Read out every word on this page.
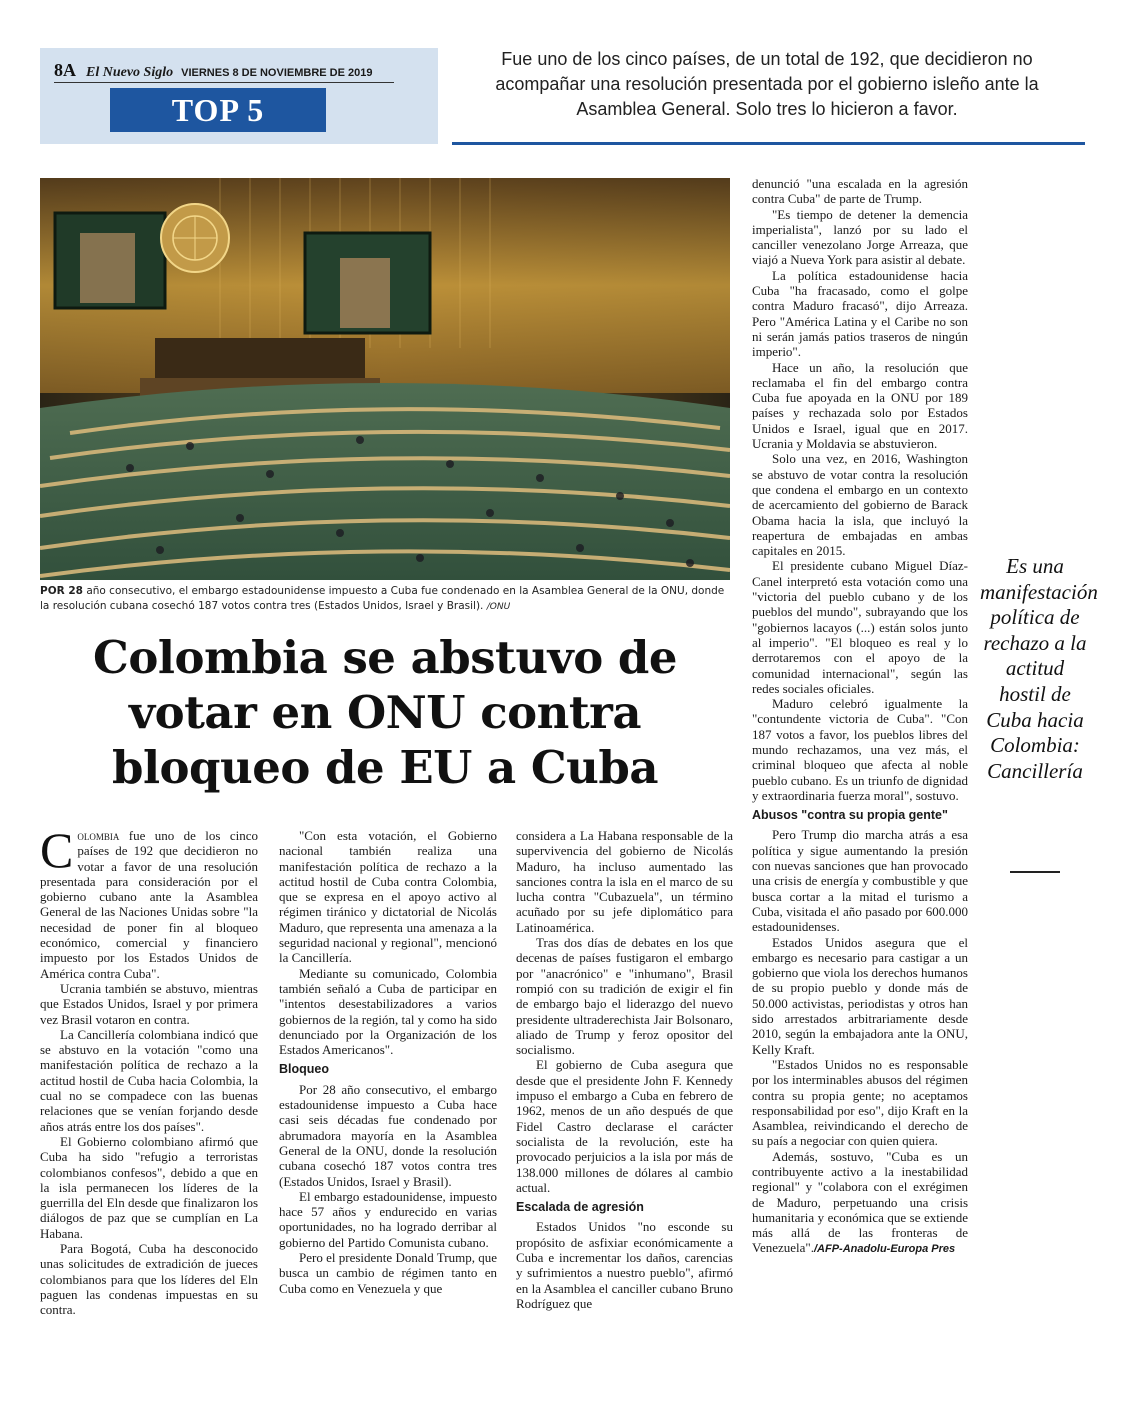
8A El Nuevo Siglo VIERNES 8 DE NOVIEMBRE DE 2019
TOP 5
Fue uno de los cinco países, de un total de 192, que decidieron no acompañar una resolución presentada por el gobierno isleño ante la Asamblea General. Solo tres lo hicieron a favor.
POR 28 año consecutivo, el embargo estadounidense impuesto a Cuba fue condenado en la Asamblea General de la ONU, donde la resolución cubana cosechó 187 votos contra tres (Estados Unidos, Israel y Brasil). /ONU
Colombia se abstuvo de votar en ONU contra bloqueo de EU a Cuba

Colombia fue uno de los cinco países de 192 que decidieron no votar a favor de una resolución presentada para consideración por el gobierno cubano ante la Asamblea General de las Naciones Unidas sobre "la necesidad de poner fin al bloqueo económico, comercial y financiero impuesto por los Estados Unidos de América contra Cuba".

Ucrania también se abstuvo, mientras que Estados Unidos, Israel y por primera vez Brasil votaron en contra.

La Cancillería colombiana indicó que se abstuvo en la votación "como una manifestación política de rechazo a la actitud hostil de Cuba hacia Colombia, la cual no se compadece con las buenas relaciones que se venían forjando desde años atrás entre los dos países".

El Gobierno colombiano afirmó que Cuba ha sido "refugio a terroristas colombianos confesos", debido a que en la isla permanecen los líderes de la guerrilla del Eln desde que finalizaron los diálogos de paz que se cumplían en La Habana.

Para Bogotá, Cuba ha desconocido unas solicitudes de extradición de jueces colombianos para que los líderes del Eln paguen las condenas impuestas en su contra.

"Con esta votación, el Gobierno nacional también realiza una manifestación política de rechazo a la actitud hostil de Cuba contra Colombia, que se expresa en el apoyo activo al régimen tiránico y dictatorial de Nicolás Maduro, que representa una amenaza a la seguridad nacional y regional", mencionó la Cancillería.

Mediante su comunicado, Colombia también señaló a Cuba de participar en "intentos desestabilizadores a varios gobiernos de la región, tal y como ha sido denunciado por la Organización de los Estados Americanos".

Bloqueo

Por 28 año consecutivo, el embargo estadounidense impuesto a Cuba hace casi seis décadas fue condenado por abrumadora mayoría en la Asamblea General de la ONU, donde la resolución cubana cosechó 187 votos contra tres (Estados Unidos, Israel y Brasil).

El embargo estadounidense, impuesto hace 57 años y endurecido en varias oportunidades, no ha logrado derribar al gobierno del Partido Comunista cubano.

Pero el presidente Donald Trump, que busca un cambio de régimen tanto en Cuba como en Venezuela y que

considera a La Habana responsable de la supervivencia del gobierno de Nicolás Maduro, ha incluso aumentado las sanciones contra la isla en el marco de su lucha contra "Cubazuela", un término acuñado por su jefe diplomático para Latinoamérica.

Tras dos días de debates en los que decenas de países fustigaron el embargo por "anacrónico" e "inhumano", Brasil rompió con su tradición de exigir el fin de embargo bajo el liderazgo del nuevo presidente ultraderechista Jair Bolsonaro, aliado de Trump y feroz opositor del socialismo.

El gobierno de Cuba asegura que desde que el presidente John F. Kennedy impuso el embargo a Cuba en febrero de 1962, menos de un año después de que Fidel Castro declarase el carácter socialista de la revolución, este ha provocado perjuicios a la isla por más de 138.000 millones de dólares al cambio actual.

Escalada de agresión

Estados Unidos "no esconde su propósito de asfixiar económicamente a Cuba e incrementar los daños, carencias y sufrimientos a nuestro pueblo", afirmó en la Asamblea el canciller cubano Bruno Rodríguez que

denunció "una escalada en la agresión contra Cuba" de parte de Trump.

"Es tiempo de detener la demencia imperialista", lanzó por su lado el canciller venezolano Jorge Arreaza, que viajó a Nueva York para asistir al debate.

La política estadounidense hacia Cuba "ha fracasado, como el golpe contra Maduro fracasó", dijo Arreaza. Pero "América Latina y el Caribe no son ni serán jamás patios traseros de ningún imperio".

Hace un año, la resolución que reclamaba el fin del embargo contra Cuba fue apoyada en la ONU por 189 países y rechazada solo por Estados Unidos e Israel, igual que en 2017. Ucrania y Moldavia se abstuvieron.

Solo una vez, en 2016, Washington se abstuvo de votar contra la resolución que condena el embargo en un contexto de acercamiento del gobierno de Barack Obama hacia la isla, que incluyó la reapertura de embajadas en ambas capitales en 2015.

El presidente cubano Miguel Díaz-Canel interpretó esta votación como una "victoria del pueblo cubano y de los pueblos del mundo", subrayando que los "gobiernos lacayos (...) están solos junto al imperio". "El bloqueo es real y lo derrotaremos con el apoyo de la comunidad internacional", según las redes sociales oficiales.

Maduro celebró igualmente la "contundente victoria de Cuba". "Con 187 votos a favor, los pueblos libres del mundo rechazamos, una vez más, el criminal bloqueo que afecta al noble pueblo cubano. Es un triunfo de dignidad y extraordinaria fuerza moral", sostuvo.

Abusos "contra su propia gente"

Pero Trump dio marcha atrás a esa política y sigue aumentando la presión con nuevas sanciones que han provocado una crisis de energía y combustible y que busca cortar a la mitad el turismo a Cuba, visitada el año pasado por 600.000 estadounidenses.

Estados Unidos asegura que el embargo es necesario para castigar a un gobierno que viola los derechos humanos de su propio pueblo y donde más de 50.000 activistas, periodistas y otros han sido arrestados arbitrariamente desde 2010, según la embajadora ante la ONU, Kelly Kraft.

"Estados Unidos no es responsable por los interminables abusos del régimen contra su propia gente; no aceptamos responsabilidad por eso", dijo Kraft en la Asamblea, reivindicando el derecho de su país a negociar con quien quiera.

Además, sostuvo, "Cuba es un contribuyente activo a la inestabilidad regional" y "colabora con el exrégimen de Maduro, perpetuando una crisis humanitaria y económica que se extiende más allá de las fronteras de Venezuela"./AFP-Anadolu-Europa Pres

Es una manifestación política de rechazo a la actitud hostil de Cuba hacia Colombia: Cancillería
